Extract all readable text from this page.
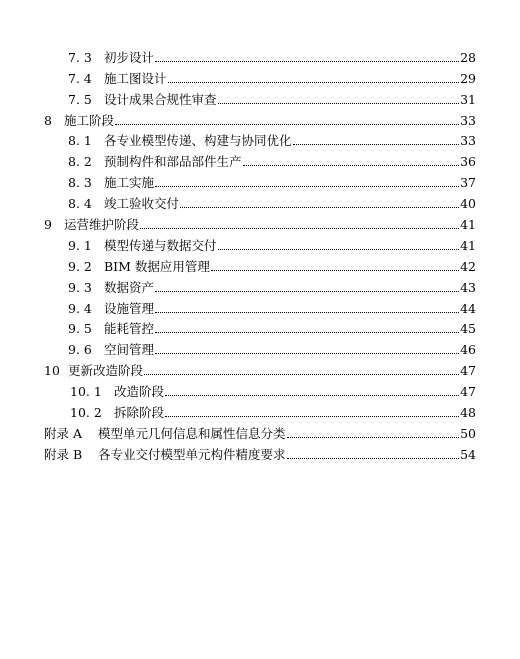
7. 3 初步设计	28
7. 4 施工图设计	29
7. 5 设计成果合规性审查	31
8 施工阶段	33
8. 1 各专业模型传递、构建与协同优化	33
8. 2 预制构件和部品部件生产	36
8. 3 施工实施	37
8. 4 竣工验收交付	40
9 运营维护阶段	41
9. 1 模型传递与数据交付	41
9. 2 BIM 数据应用管理	42
9. 3 数据资产	43
9. 4 设施管理	44
9. 5 能耗管控	45
9. 6 空间管理	46
10 更新改造阶段	47
10. 1 改造阶段	47
10. 2 拆除阶段	48
附录 A	模型单元几何信息和属性信息分类	50
附录 B	各专业交付模型单元构件精度要求	54
